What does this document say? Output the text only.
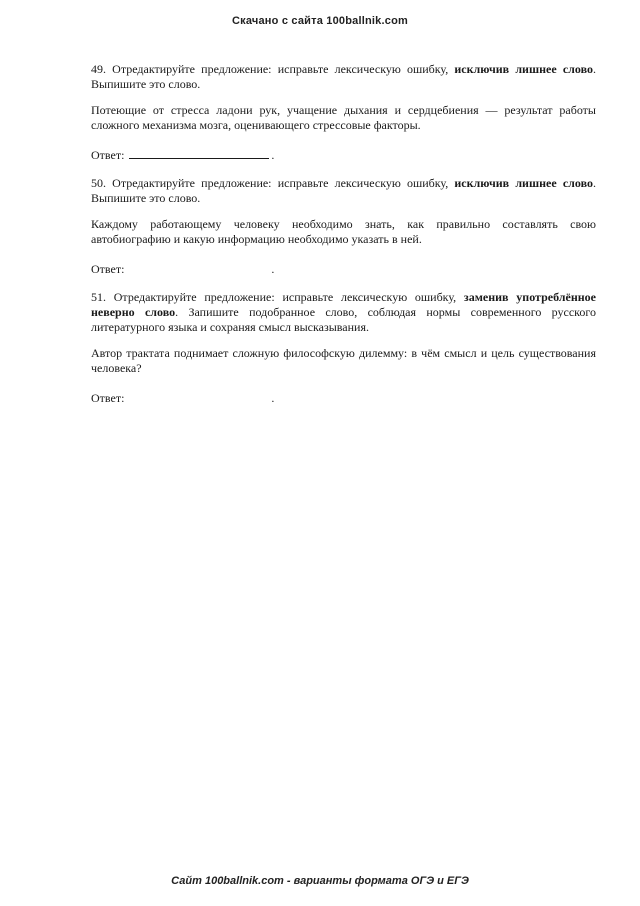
Скачано с сайта 100ballnik.com

49. Отредактируйте предложение: исправьте лексическую ошибку, исключив лишнее слово. Выпишите это слово.

Потеющие от стресса ладони рук, учащение дыхания и сердцебиения — результат работы сложного механизма мозга, оценивающего стрессовые факторы.

Ответ:	.

50. Отредактируйте предложение: исправьте лексическую ошибку, исключив лишнее слово. Выпишите это слово.

Каждому работающему человеку необходимо знать, как правильно составлять свою автобиографию и какую информацию необходимо указать в ней.

Ответ:	.

51. Отредактируйте предложение: исправьте лексическую ошибку, заменив употреблённое неверно слово. Запишите подобранное слово, соблюдая нормы современного русского литературного языка и сохраняя смысл высказывания.

Автор трактата поднимает сложную философскую дилемму: в чём смысл и цель существования человека?

Ответ:	.

Сайт 100ballnik.com - варианты формата ОГЭ и ЕГЭ
